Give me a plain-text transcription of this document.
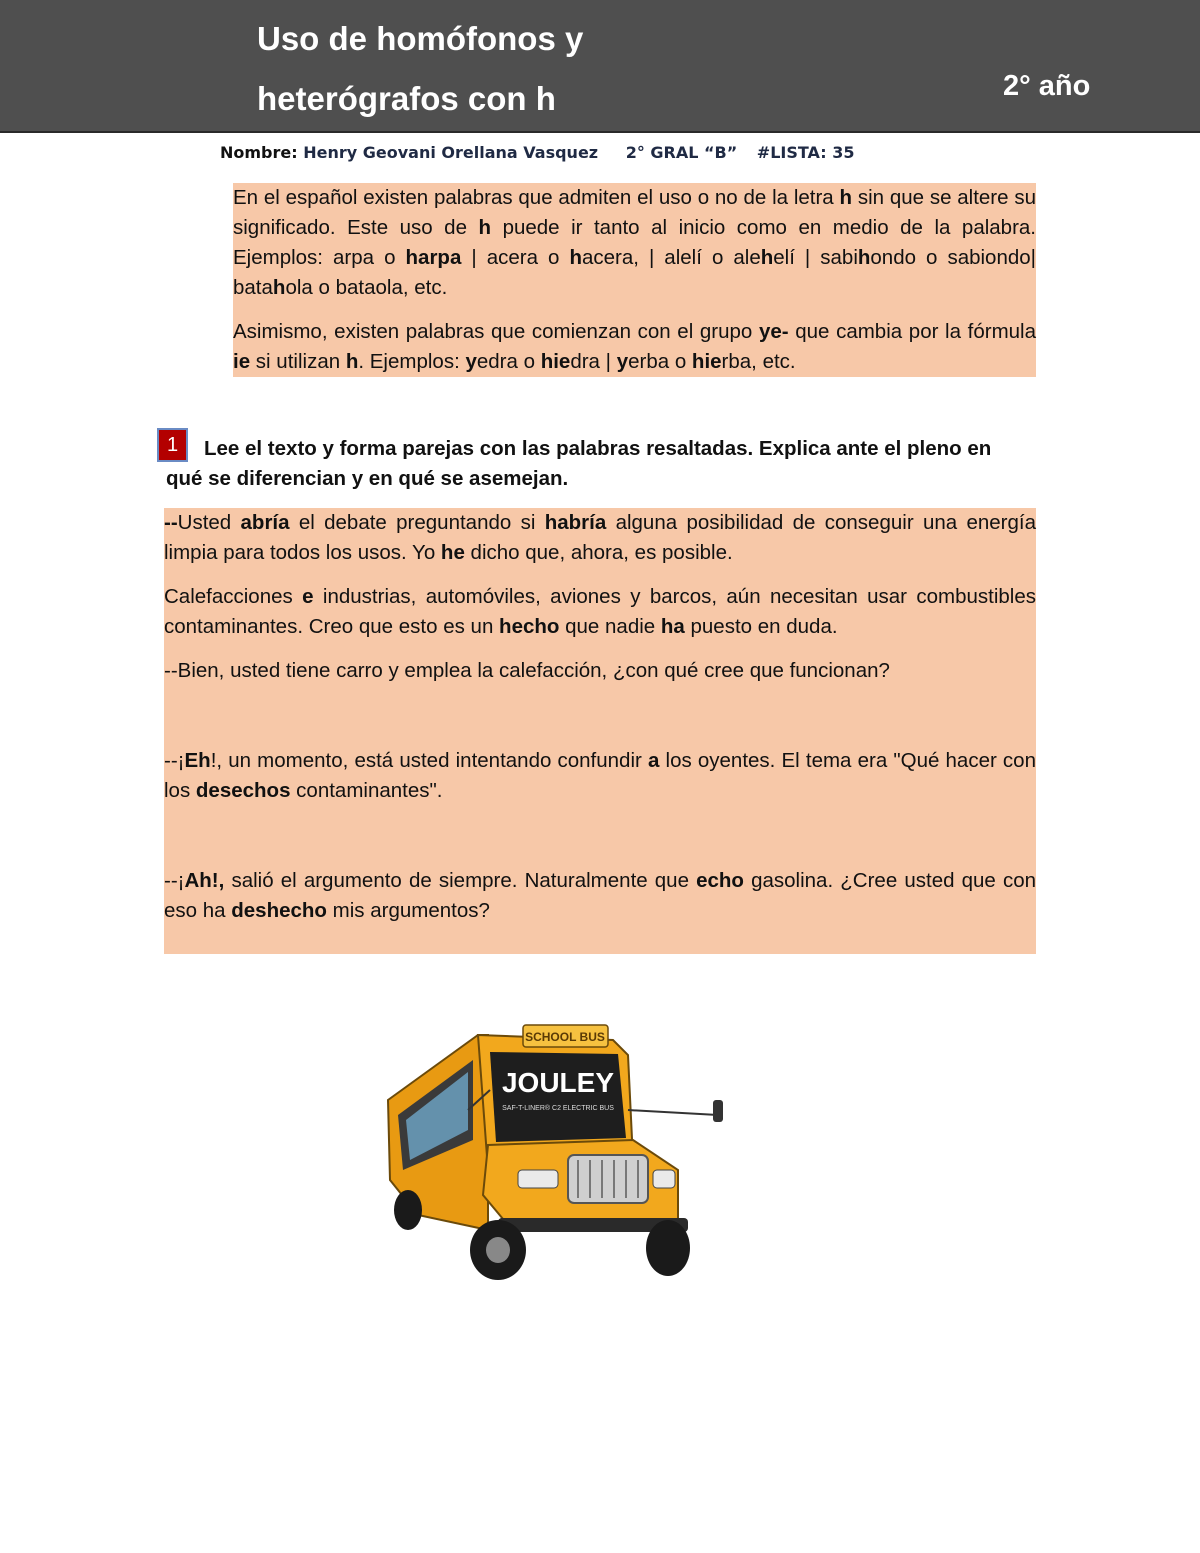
Uso de homófonos y
heterógrafos con h	2° año
Nombre: Henry Geovani Orellana Vasquez 2° GRAL “B” #LISTA: 35

En el español existen palabras que admiten el uso o no de la letra h sin que se altere su significado. Este uso de h puede ir tanto al inicio como en medio de la palabra. Ejemplos: arpa o harpa | acera o hacera, | alelí o alehelí | sabihondo o sabiondo| batahola o bataola, etc.

Asimismo, existen palabras que comienzan con el grupo ye- que cambia por la fórmula ie si utilizan h. Ejemplos: yedra o hiedra | yerba o hierba, etc.

1	Lee el texto y forma parejas con las palabras resaltadas. Explica ante el pleno en qué se diferencian y en qué se asemejan.

--Usted abría el debate preguntando si habría alguna posibilidad de conseguir una energía limpia para todos los usos. Yo he dicho que, ahora, es posible.

Calefacciones e industrias, automóviles, aviones y barcos, aún necesitan usar combustibles contaminantes. Creo que esto es un hecho que nadie ha puesto en duda.

--Bien, usted tiene carro y emplea la calefacción, ¿con qué cree que funcionan?

--¡Eh!, un momento, está usted intentando confundir a los oyentes. El tema era "Qué hacer con los desechos contaminantes".

--¡Ah!, salió el argumento de siempre. Naturalmente que echo gasolina. ¿Cree usted que con eso ha deshecho mis argumentos?

SCHOOL BUS
JOULEY
SAF-T-LINER® C2 ELECTRIC BUS
